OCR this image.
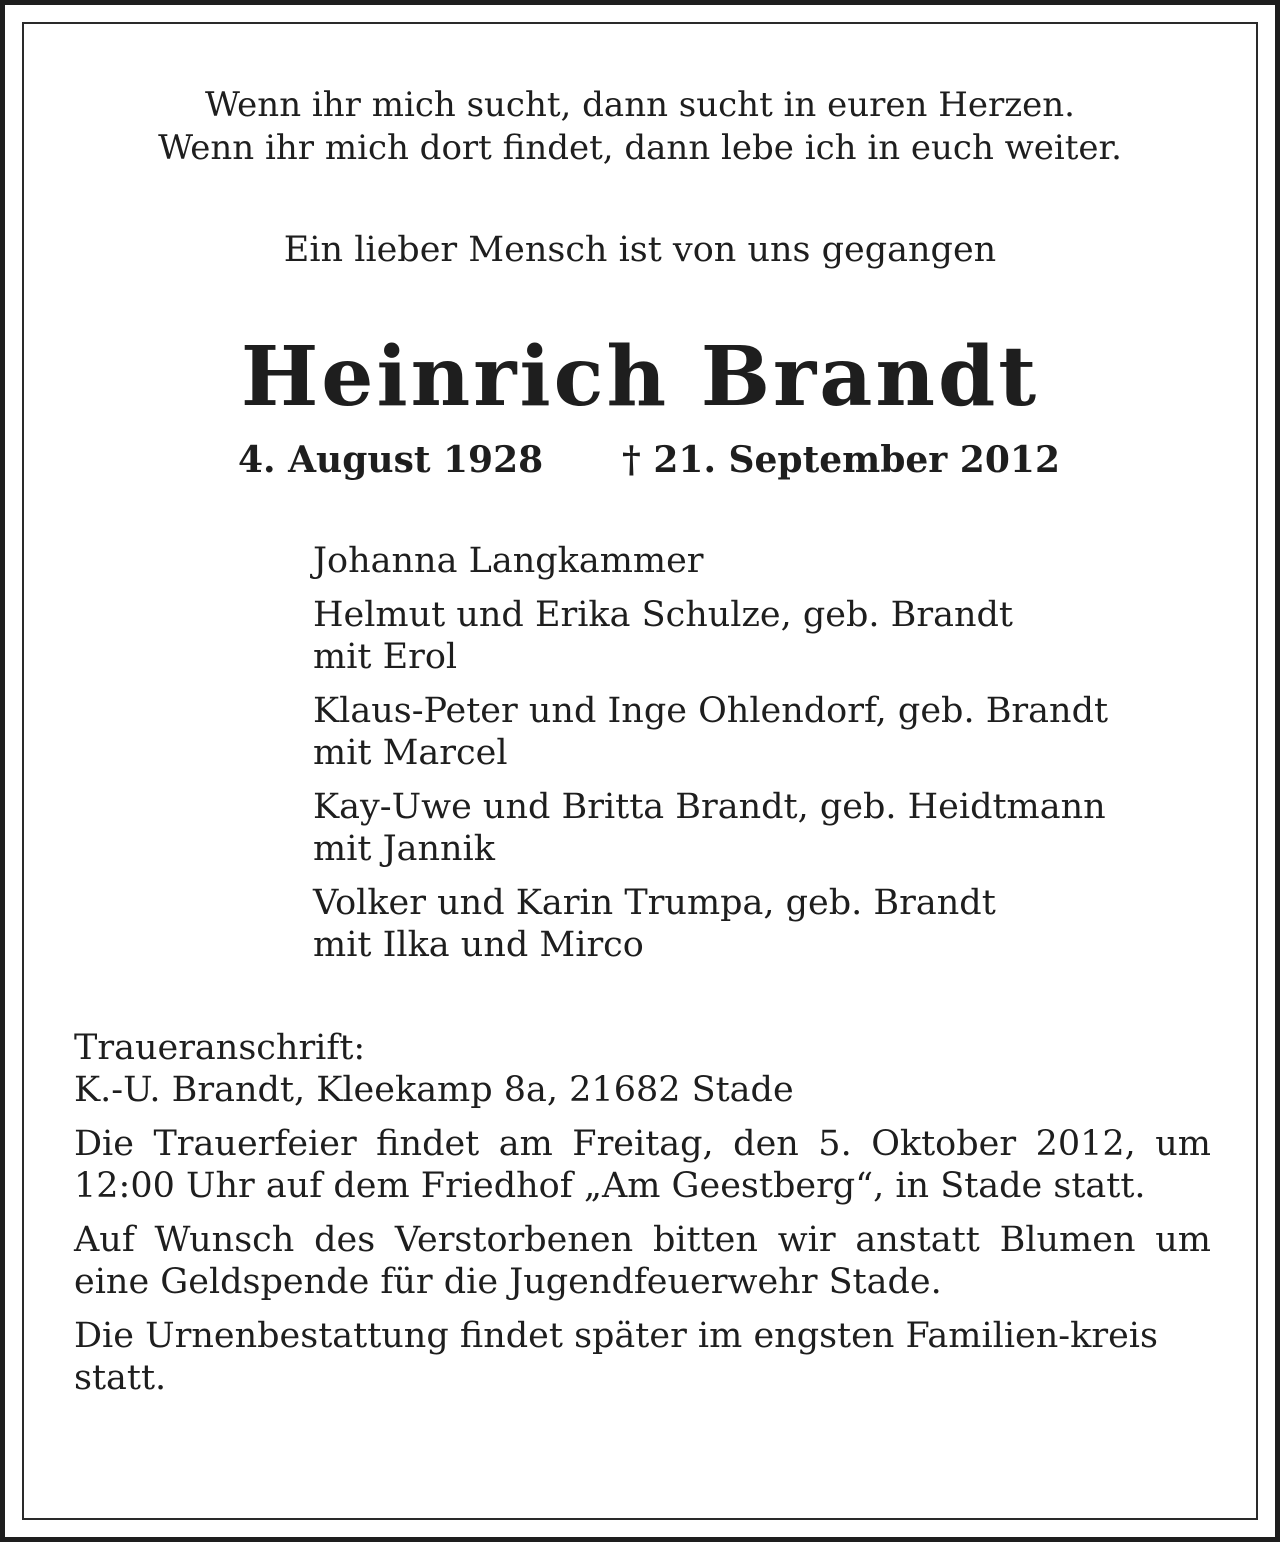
Wenn ihr mich sucht, dann sucht in euren Herzen.
Wenn ihr mich dort findet, dann lebe ich in euch weiter.
Ein lieber Mensch ist von uns gegangen
Heinrich Brandt
4. August 1928 † 21. September 2012
Johanna Langkammer
Helmut und Erika Schulze, geb. Brandt
mit Erol
Klaus-Peter und Inge Ohlendorf, geb. Brandt
mit Marcel
Kay-Uwe und Britta Brandt, geb. Heidtmann
mit Jannik
Volker und Karin Trumpa, geb. Brandt
mit Ilka und Mirco

Traueranschrift:
K.-U. Brandt, Kleekamp 8a, 21682 Stade

Die Trauerfeier findet am Freitag, den 5. Oktober 2012, um 12:00 Uhr auf dem Friedhof „Am Geestberg“, in Stade statt.

Auf Wunsch des Verstorbenen bitten wir anstatt Blumen um eine Geldspende für die Jugendfeuerwehr Stade.

Die Urnenbestattung findet später im engsten Familien-kreis statt.
